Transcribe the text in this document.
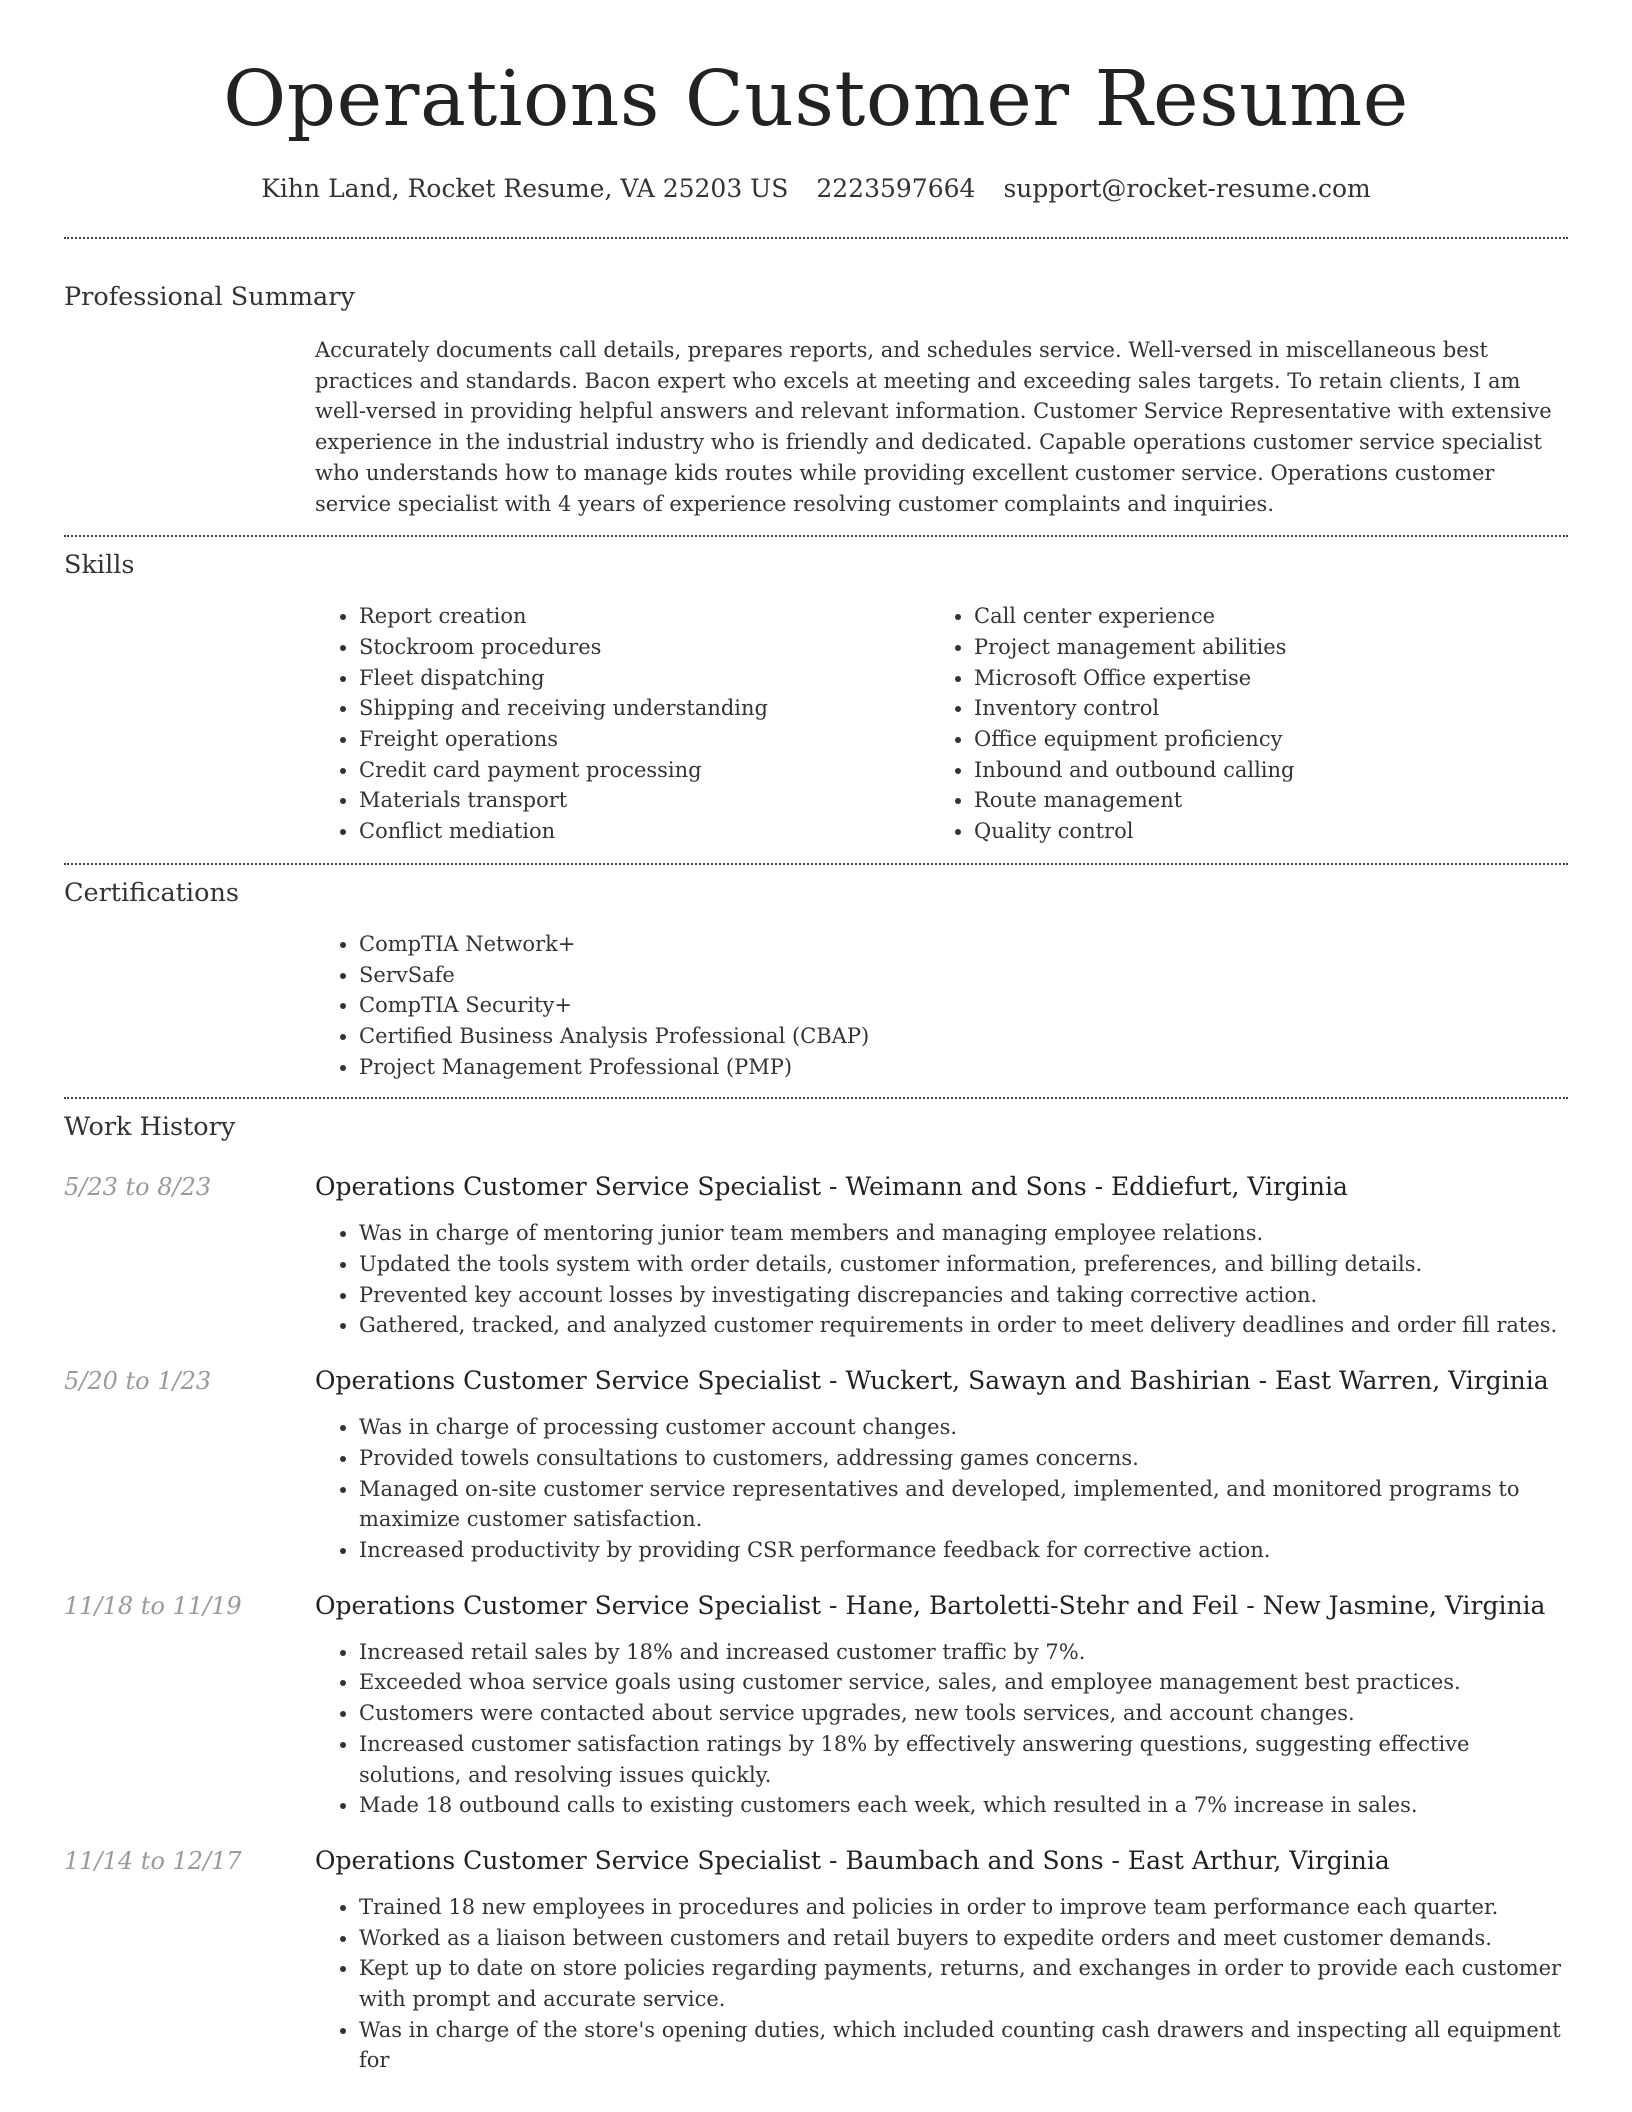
Operations Customer Resume
Kihn Land, Rocket Resume, VA 25203 US 2223597664 support@rocket-resume.com
Professional Summary
Accurately documents call details, prepares reports, and schedules service. Well-versed in miscellaneous best practices and standards. Bacon expert who excels at meeting and exceeding sales targets. To retain clients, I am well-versed in providing helpful answers and relevant information. Customer Service Representative with extensive experience in the industrial industry who is friendly and dedicated. Capable operations customer service specialist who understands how to manage kids routes while providing excellent customer service. Operations customer service specialist with 4 years of experience resolving customer complaints and inquiries.
Skills
• Report creation
• Stockroom procedures
• Fleet dispatching
• Shipping and receiving understanding
• Freight operations
• Credit card payment processing
• Materials transport
• Conflict mediation
• Call center experience
• Project management abilities
• Microsoft Office expertise
• Inventory control
• Office equipment proficiency
• Inbound and outbound calling
• Route management
• Quality control
Certifications
• CompTIA Network+
• ServSafe
• CompTIA Security+
• Certified Business Analysis Professional (CBAP)
• Project Management Professional (PMP)
Work History
5/23 to 8/23	Operations Customer Service Specialist - Weimann and Sons - Eddiefurt, Virginia
• Was in charge of mentoring junior team members and managing employee relations.
• Updated the tools system with order details, customer information, preferences, and billing details.
• Prevented key account losses by investigating discrepancies and taking corrective action.
• Gathered, tracked, and analyzed customer requirements in order to meet delivery deadlines and order fill rates.
5/20 to 1/23	Operations Customer Service Specialist - Wuckert, Sawayn and Bashirian - East Warren, Virginia
• Was in charge of processing customer account changes.
• Provided towels consultations to customers, addressing games concerns.
• Managed on-site customer service representatives and developed, implemented, and monitored programs to maximize customer satisfaction.
• Increased productivity by providing CSR performance feedback for corrective action.
11/18 to 11/19	Operations Customer Service Specialist - Hane, Bartoletti-Stehr and Feil - New Jasmine, Virginia
• Increased retail sales by 18% and increased customer traffic by 7%.
• Exceeded whoa service goals using customer service, sales, and employee management best practices.
• Customers were contacted about service upgrades, new tools services, and account changes.
• Increased customer satisfaction ratings by 18% by effectively answering questions, suggesting effective solutions, and resolving issues quickly.
• Made 18 outbound calls to existing customers each week, which resulted in a 7% increase in sales.
11/14 to 12/17	Operations Customer Service Specialist - Baumbach and Sons - East Arthur, Virginia
• Trained 18 new employees in procedures and policies in order to improve team performance each quarter.
• Worked as a liaison between customers and retail buyers to expedite orders and meet customer demands.
• Kept up to date on store policies regarding payments, returns, and exchanges in order to provide each customer with prompt and accurate service.
• Was in charge of the store's opening duties, which included counting cash drawers and inspecting all equipment for
